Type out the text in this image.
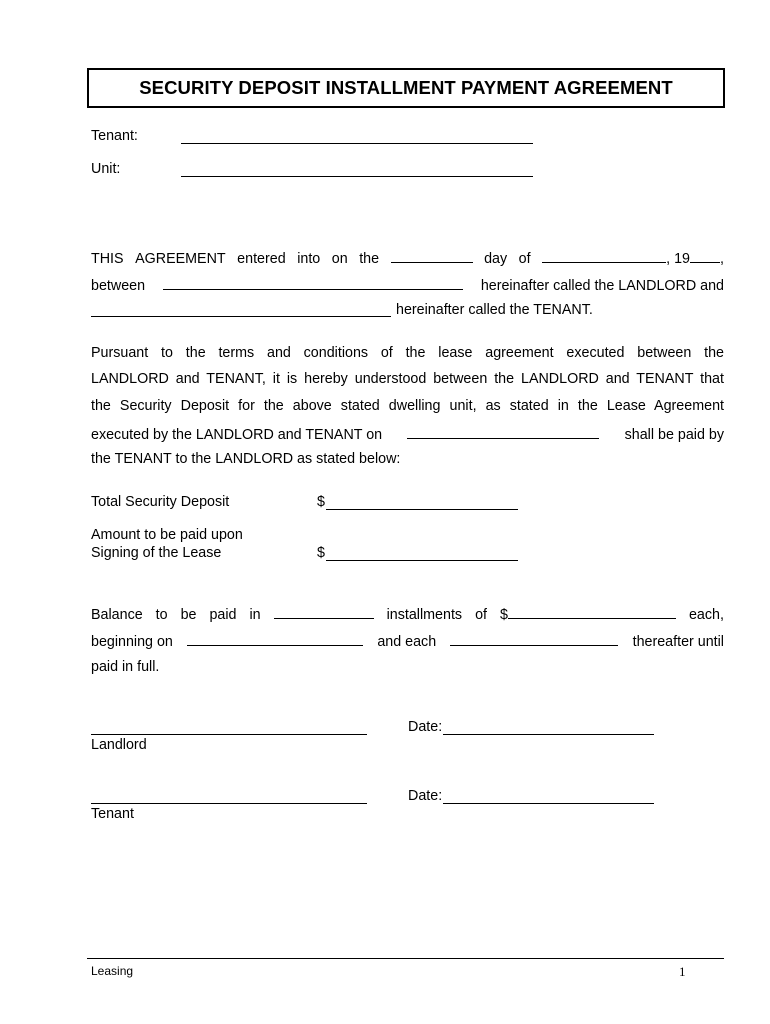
SECURITY DEPOSIT INSTALLMENT PAYMENT AGREEMENT
Tenant:
Unit:
THIS AGREEMENT entered into on the	day of	, 19 ,
between	hereinafter called the LANDLORD and
hereinafter called the TENANT.
Pursuant to the terms and conditions of the lease agreement executed between the
LANDLORD and TENANT, it is hereby understood between the LANDLORD and TENANT that
the Security Deposit for the above stated dwelling unit, as stated in the Lease Agreement
executed by the LANDLORD and TENANT on	shall be paid by
the TENANT to the LANDLORD as stated below:
Total Security Deposit	$
Amount to be paid upon
Signing of the Lease	$
Balance to be paid in	installments of $	each,
beginning on	and each	thereafter until
paid in full.
Landlord
Date:
Tenant
Date:
Leasing	1
